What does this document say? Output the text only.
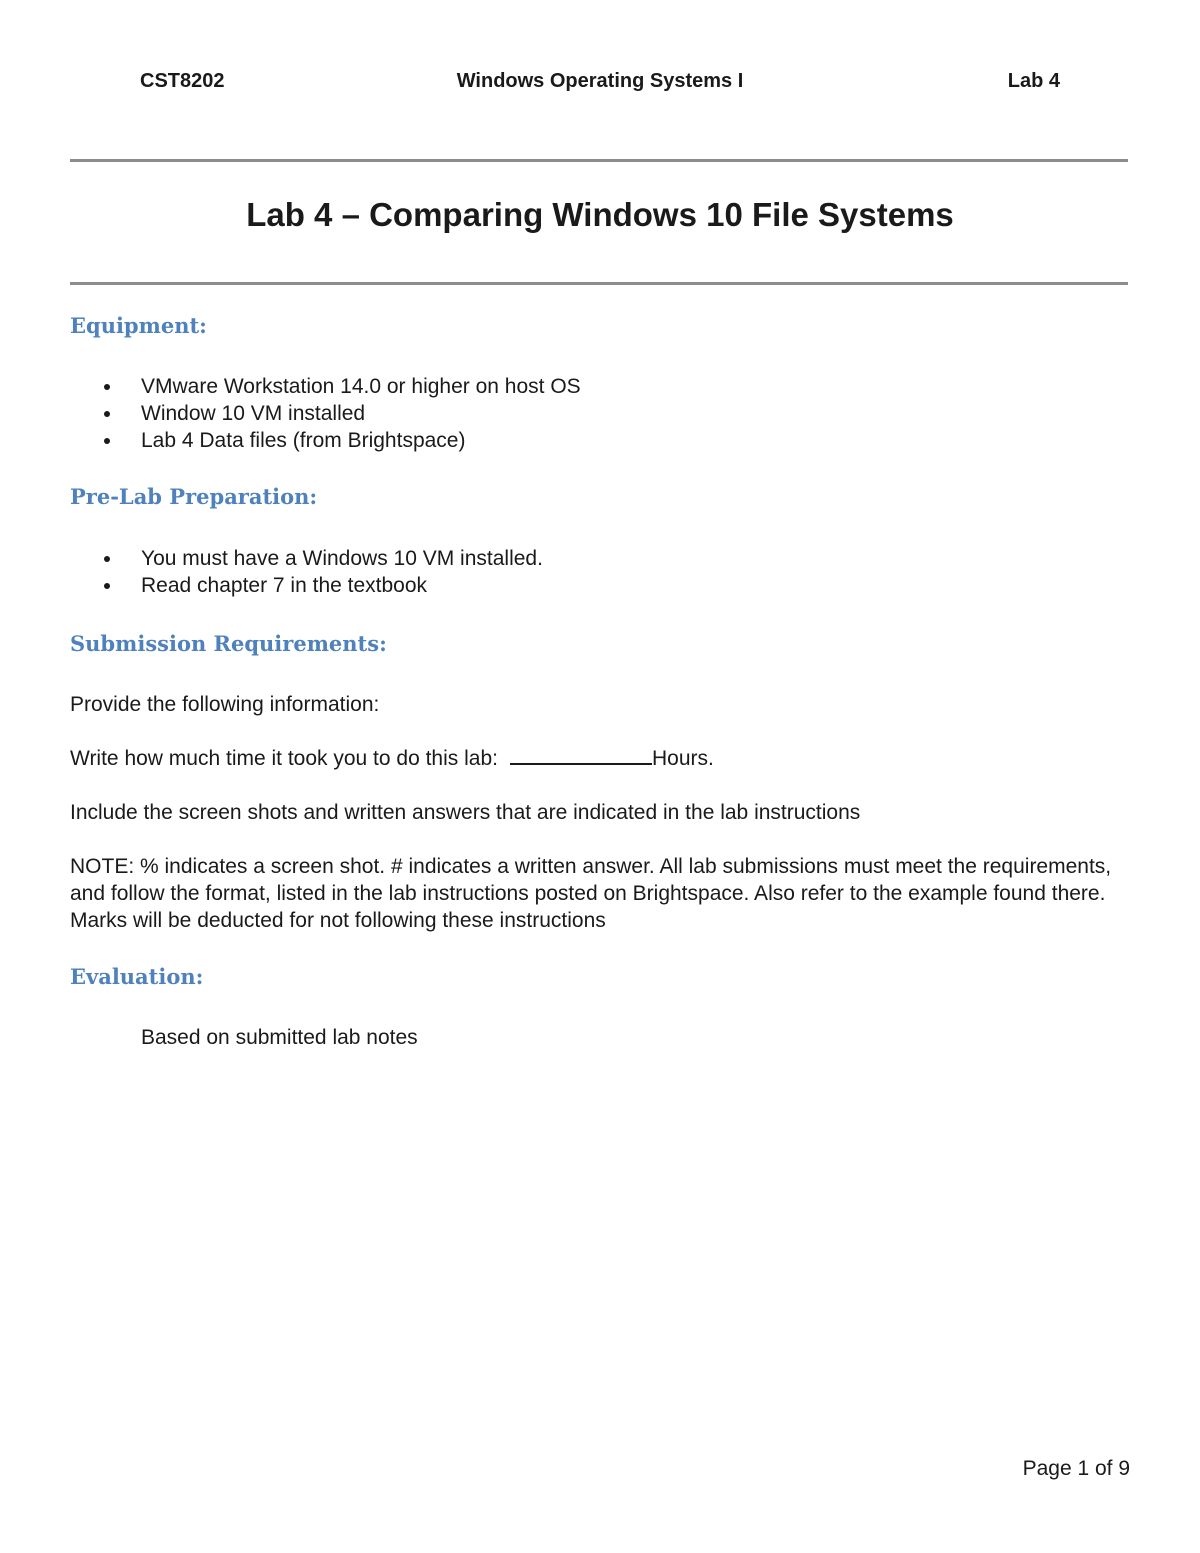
CST8202	Windows Operating Systems I	Lab 4
Lab 4 – Comparing Windows 10 File Systems
Equipment:
VMware Workstation 14.0 or higher on host OS
Window 10 VM installed
Lab 4 Data files (from Brightspace)
Pre-Lab Preparation:
You must have a Windows 10 VM installed.
Read chapter 7 in the textbook
Submission Requirements:
Provide the following information:
Write how much time it took you to do this lab:	Hours.
Include the screen shots and written answers that are indicated in the lab instructions
NOTE: % indicates a screen shot. # indicates a written answer. All lab submissions must meet the requirements, and follow the format, listed in the lab instructions posted on Brightspace. Also refer to the example found there. Marks will be deducted for not following these instructions
Evaluation:
Based on submitted lab notes
Page 1 of 9
